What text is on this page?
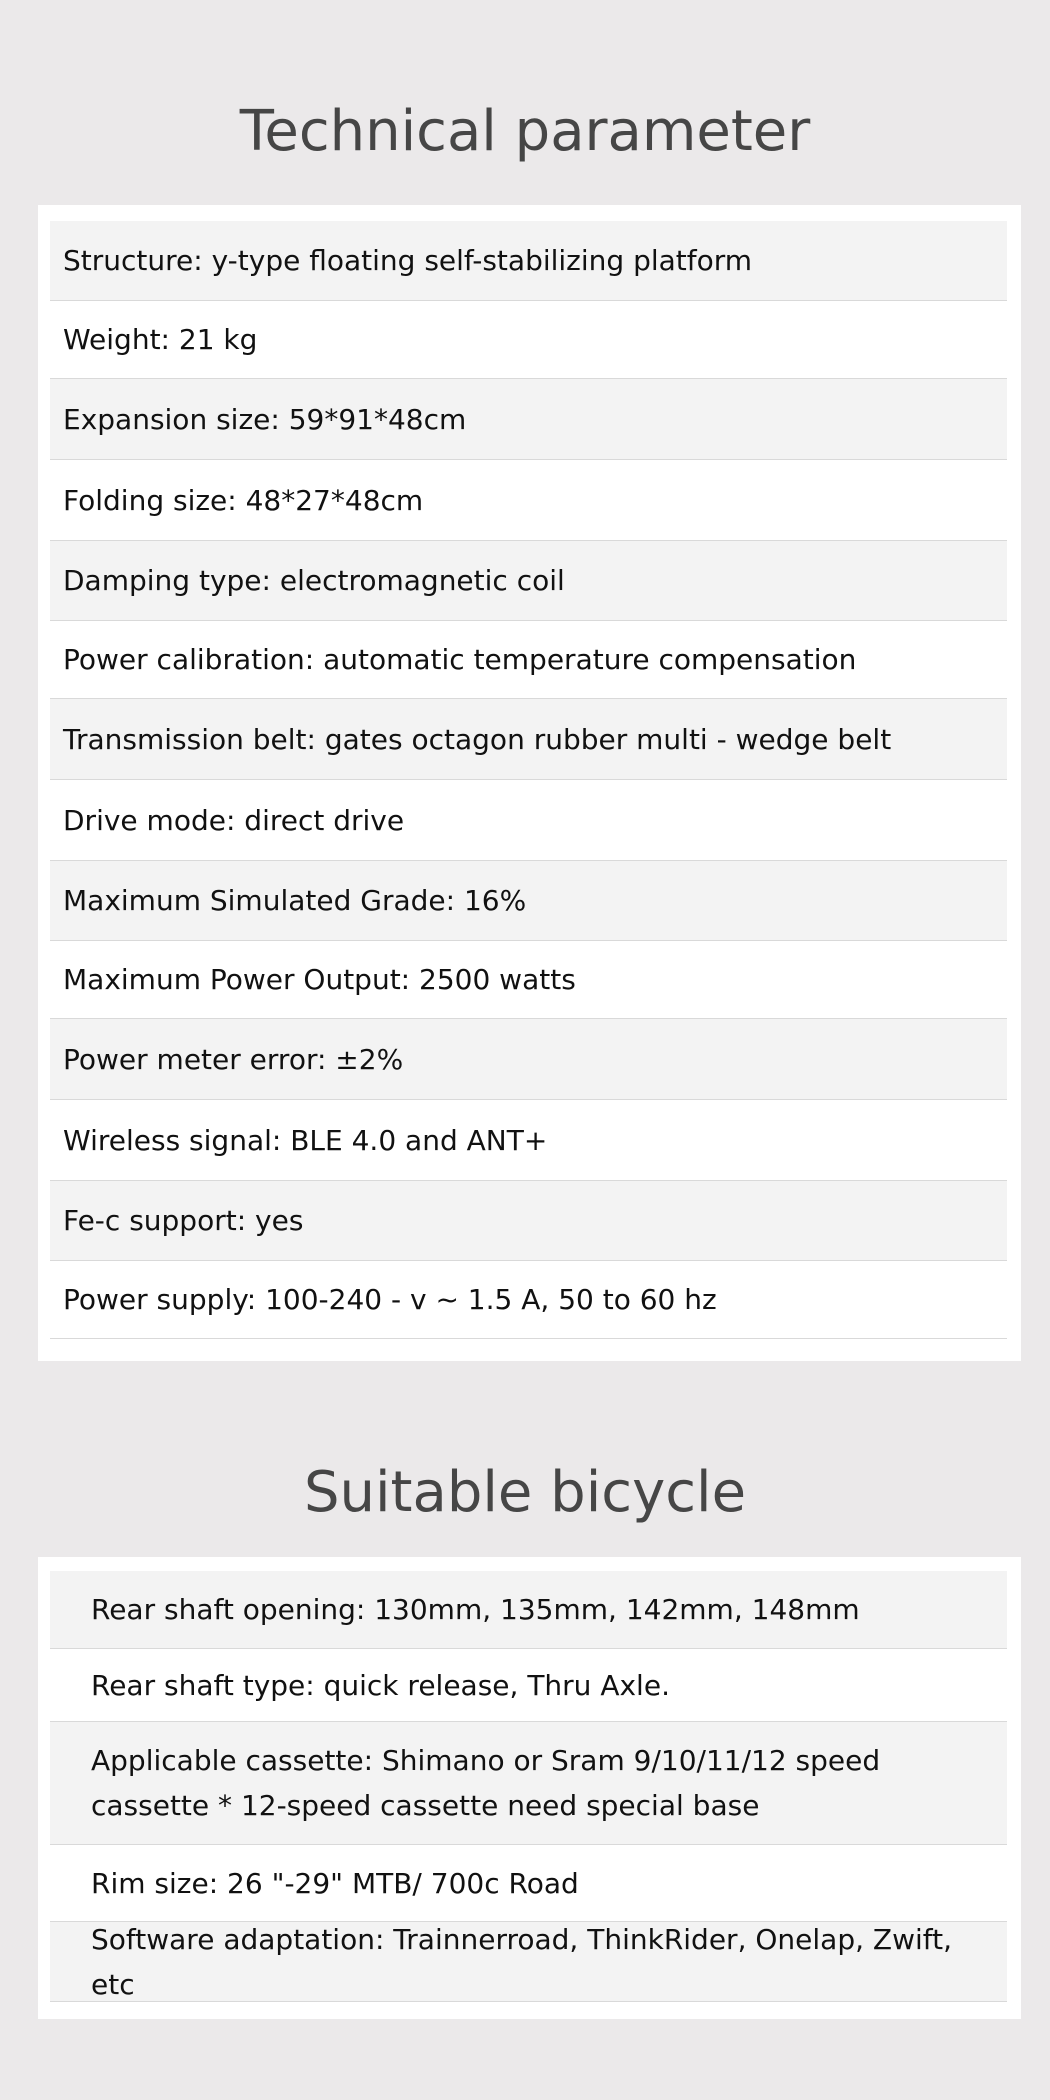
Technical parameter
Structure: y-type floating self-stabilizing platform
Weight: 21 kg
Expansion size: 59*91*48cm
Folding size: 48*27*48cm
Damping type: electromagnetic coil
Power calibration: automatic temperature compensation
Transmission belt: gates octagon rubber multi - wedge belt
Drive mode: direct drive
Maximum Simulated Grade: 16%
Maximum Power Output: 2500 watts
Power meter error: ±2%
Wireless signal: BLE 4.0 and ANT+
Fe-c support: yes
Power supply: 100-240 - v ~ 1.5 A, 50 to 60 hz
Suitable bicycle
Rear shaft opening: 130mm, 135mm, 142mm, 148mm
Rear shaft type: quick release, Thru Axle.
Applicable cassette: Shimano or Sram 9/10/11/12 speed cassette * 12-speed cassette need special base
Rim size: 26 "-29" MTB/ 700c Road
Software adaptation: Trainnerroad, ThinkRider, Onelap, Zwift, etc
